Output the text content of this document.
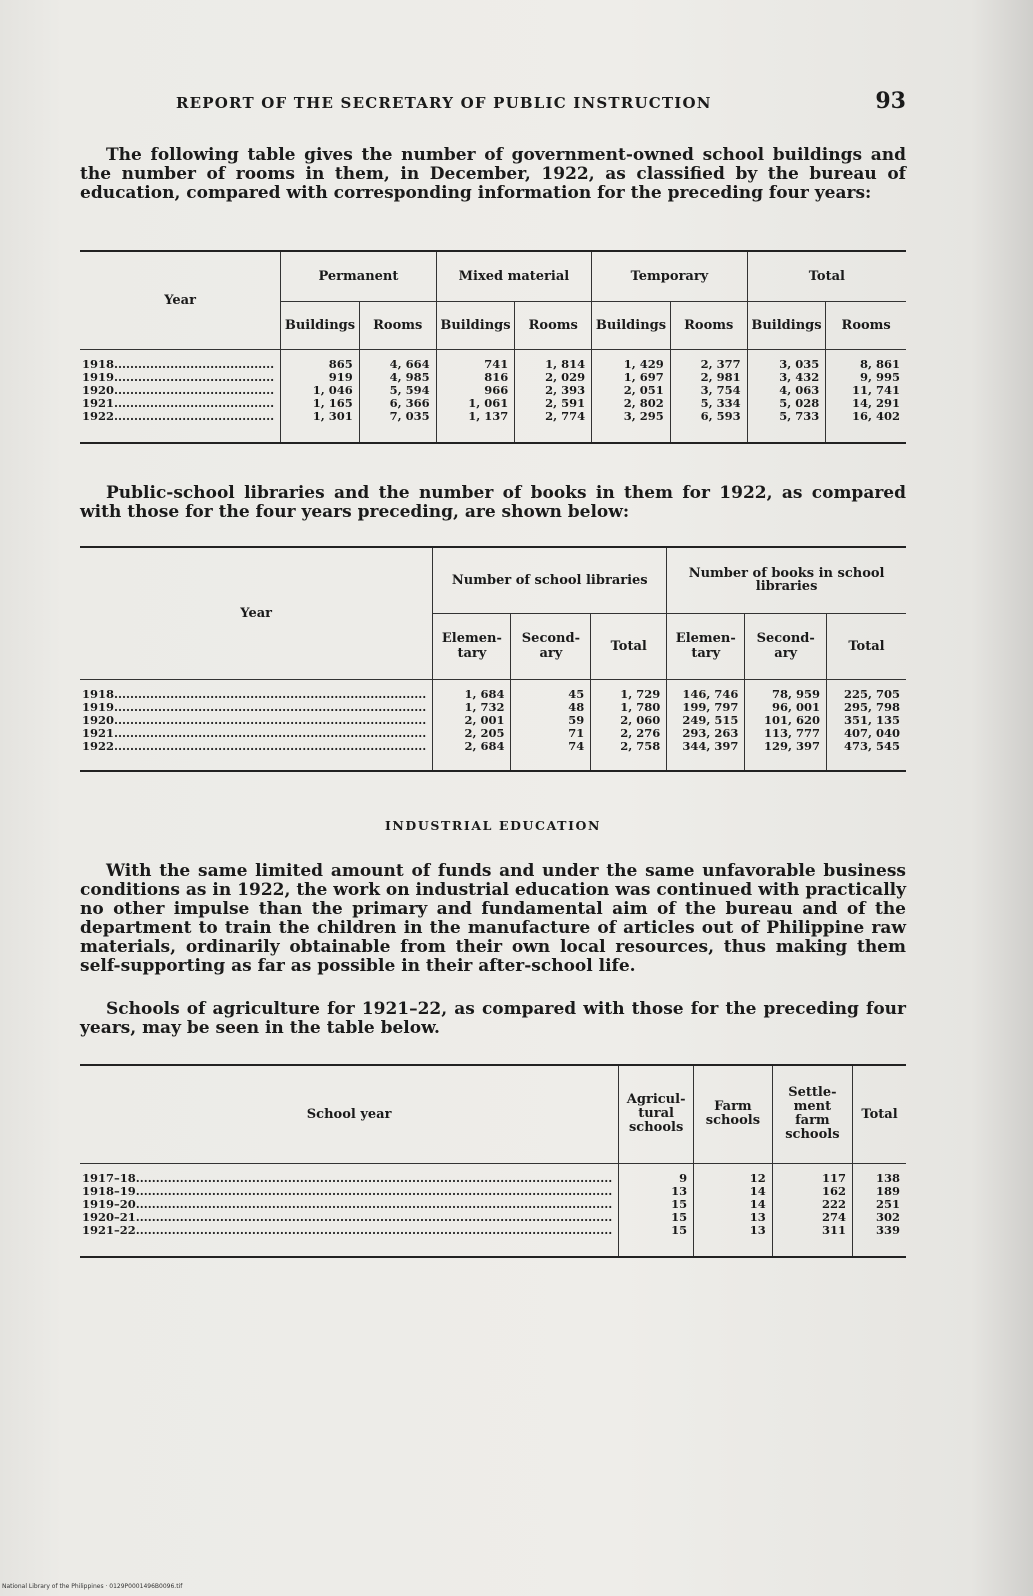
REPORT OF THE SECRETARY OF PUBLIC INSTRUCTION	93
The following table gives the number of government-owned school buildings and the number of rooms in them, in December, 1922, as classified by the bureau of education, compared with corresponding information for the preceding four years:
Year	Permanent		Mixed material		Temporary		Total	
	Buildings	Rooms	Buildings	Rooms	Buildings	Rooms	Buildings	Rooms

1918........................................	865	4, 664	741	1, 814	1, 429	2, 377	3, 035	8, 861
1919........................................	919	4, 985	816	2, 029	1, 697	2, 981	3, 432	9, 995
1920........................................	1, 046	5, 594	966	2, 393	2, 051	3, 754	4, 063	11, 741
1921........................................	1, 165	6, 366	1, 061	2, 591	2, 802	5, 334	5, 028	14, 291
1922........................................	1, 301	7, 035	1, 137	2, 774	3, 295	6, 593	5, 733	16, 402

Public-school libraries and the number of books in them for 1922, as compared with those for the four years preceding, are shown below:
Year	Number of school libraries			Number of books in school libraries		
	Elemen-tary	Second-ary	Total	Elemen-tary	Second-ary	Total

1918..............................................................................	1, 684	45	1, 729	146, 746	78, 959	225, 705
1919..............................................................................	1, 732	48	1, 780	199, 797	96, 001	295, 798
1920..............................................................................	2, 001	59	2, 060	249, 515	101, 620	351, 135
1921..............................................................................	2, 205	71	2, 276	293, 263	113, 777	407, 040
1922..............................................................................	2, 684	74	2, 758	344, 397	129, 397	473, 545

INDUSTRIAL EDUCATION
With the same limited amount of funds and under the same unfavorable business conditions as in 1922, the work on industrial education was continued with practically no other impulse than the primary and fundamental aim of the bureau and of the department to train the children in the manufacture of articles out of Philippine raw materials, ordinarily obtainable from their own local resources, thus making them self-supporting as far as possible in their after-school life.
Schools of agriculture for 1921–22, as compared with those for the preceding four years, may be seen in the table below.
School year	Agricul-tural schools	Farm schools	Settle-ment farm schools	Total

1917–18.......................................................................................................................	9	12	117	138
1918–19.......................................................................................................................	13	14	162	189
1919–20.......................................................................................................................	15	14	222	251
1920–21.......................................................................................................................	15	13	274	302
1921–22.......................................................................................................................	15	13	311	339

National Library of the Philippines · 0129P0001496B0096.tif
